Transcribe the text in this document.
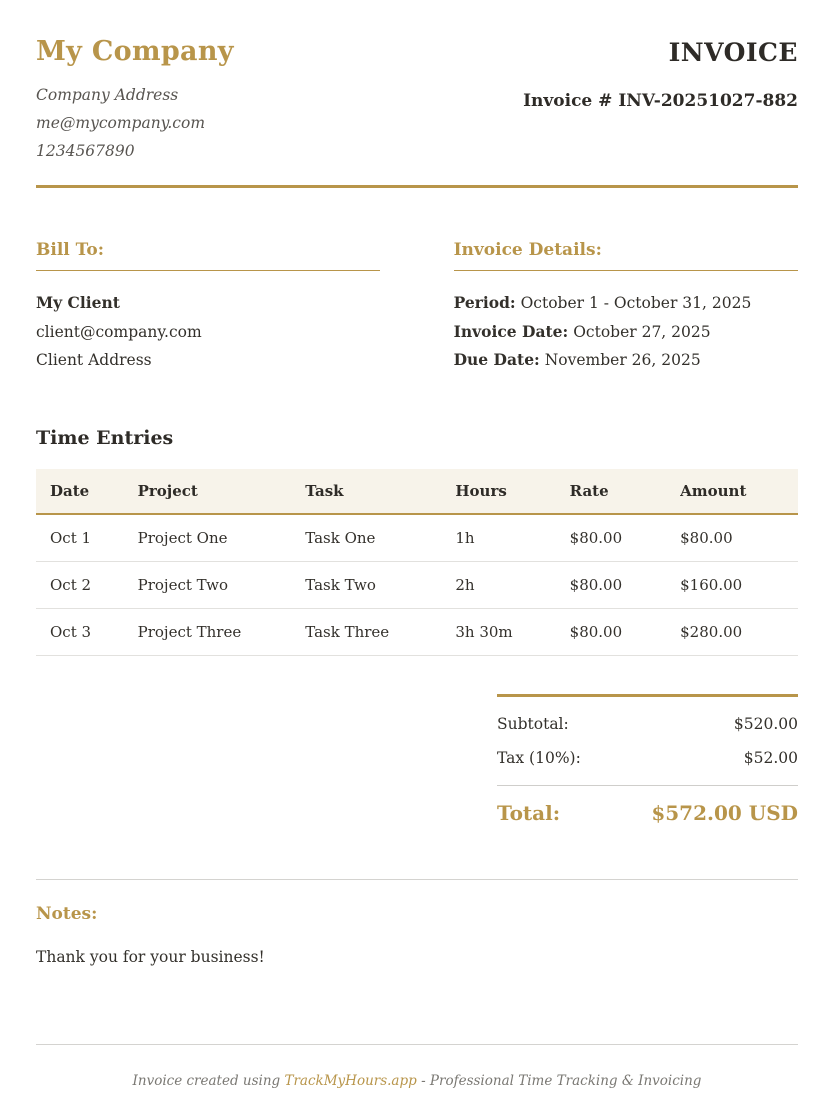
My Company

Company Address

me@mycompany.com

1234567890

INVOICE

Invoice # INV-20251027-882

Bill To:

My Client

client@company.com

Client Address

Invoice Details:

Period: October 1 - October 31, 2025

Invoice Date: October 27, 2025

Due Date: November 26, 2025

Time Entries
Date	Project	Task	Hours	Rate	Amount
Oct 1	Project One	Task One	1h	$80.00	$80.00
Oct 2	Project Two	Task Two	2h	$80.00	$160.00
Oct 3	Project Three	Task Three	3h 30m	$80.00	$280.00
Subtotal:	$520.00
Tax (10%):	$52.00
Total:	$572.00 USD
Notes:

Thank you for your business!

Invoice created using TrackMyHours.app - Professional Time Tracking & Invoicing
